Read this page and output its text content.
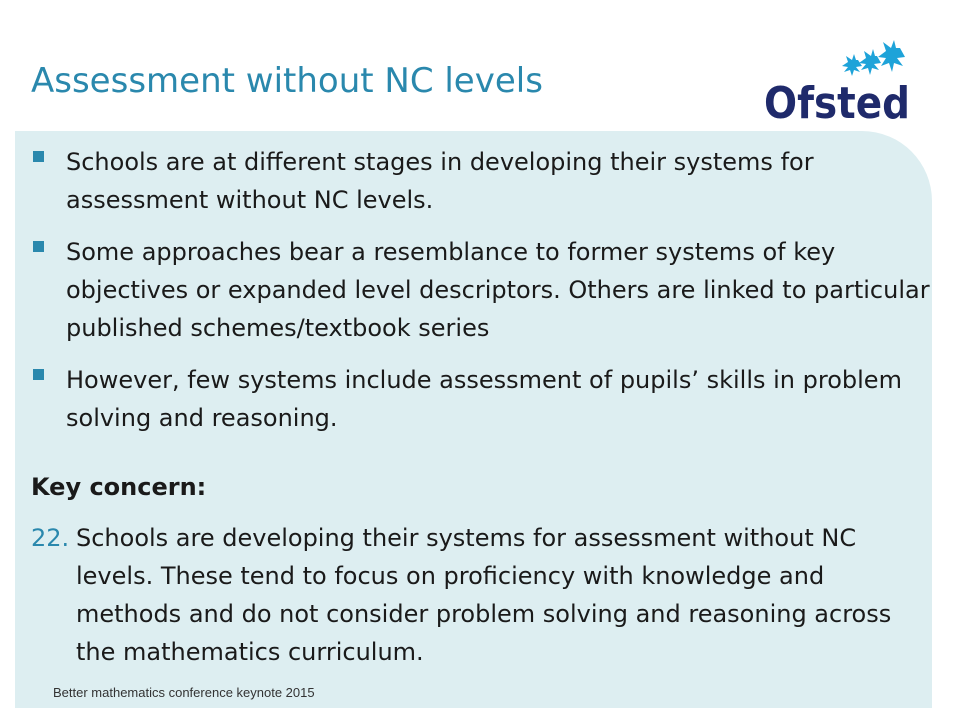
Assessment without NC levels	Ofsted
Schools are at different stages in developing their systems for assessment without NC levels.
Some approaches bear a resemblance to former systems of key objectives or expanded level descriptors. Others are linked to particular published schemes/textbook series
However, few systems include assessment of pupils’ skills in problem solving and reasoning.
Key concern:
22. Schools are developing their systems for assessment without NC levels. These tend to focus on proficiency with knowledge and methods and do not consider problem solving and reasoning across the mathematics curriculum.
Better mathematics conference keynote 2015
